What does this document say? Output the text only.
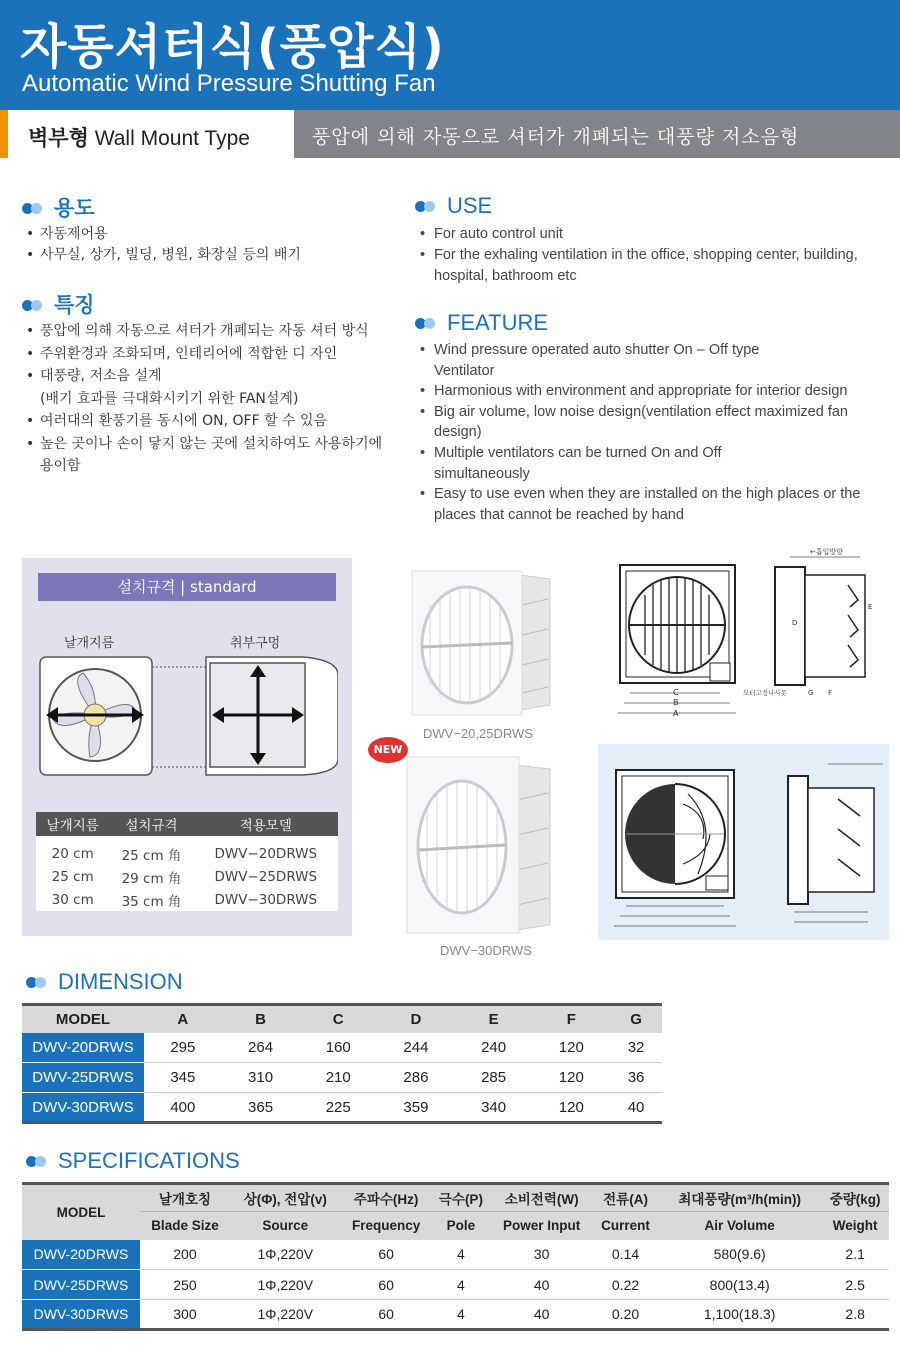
자동셔터식(풍압식)
Automatic Wind Pressure Shutting Fan
벽부형 Wall Mount Type	풍압에 의해 자동으로 셔터가 개폐되는 대풍량 저소음형
용도
• 자동제어용
• 사무실, 상가, 빌딩, 병원, 화장실 등의 배기
특징
• 풍압에 의해 자동으로 셔터가 개폐되는 자동 셔터 방식
• 주위환경과 조화되며, 인테리어에 적합한 디 자인
• 대풍량, 저소음 설계
(배기 효과를 극대화시키기 위한 FAN설계)
• 여러대의 환풍기를 동시에 ON, OFF 할 수 있음
• 높은 곳이나 손이 닿지 않는 곳에 설치하여도 사용하기에
용이함
USE
• For auto control unit
• For the exhaling ventilation in the office, shopping center, building,
hospital, bathroom etc
FEATURE
• Wind pressure operated auto shutter On – Off type
Ventilator
• Harmonious with environment and appropriate for interior design
• Big air volume, low noise design(ventilation effect maximized fan
design)
• Multiple ventilators can be turned On and Off
simultaneously
• Easy to use even when they are installed on the high places or the
places that cannot be reached by hand
설치규격 | standard
날개지름	취부구멍
날개지름	설치규격	적용모델
20 cm	25 cm 角	DWV−20DRWS
25 cm	29 cm 角	DWV−25DRWS
30 cm	35 cm 角	DWV−30DRWS
DWV−20,25DRWS
NEW
DWV−30DRWS
C
B
A
모터고정나사못
←흡입방향
D
G F
E
DIMENSION
MODEL	A	B	C	D	E	F	G
DWV-20DRWS	295	264	160	244	240	120	32
DWV-25DRWS	345	310	210	286	285	120	36
DWV-30DRWS	400	365	225	359	340	120	40
SPECIFICATIONS
MODEL	날개호칭	상(Φ), 전압(v)	주파수(Hz)	극수(P)	소비전력(W)	전류(A)	최대풍량(m³/h(min))	중량(kg)
	Blade Size	Source	Frequency	Pole	Power Input	Current	Air Volume	Weight
DWV-20DRWS	200	1Φ,220V	60	4	30	0.14	580(9.6)	2.1
DWV-25DRWS	250	1Φ,220V	60	4	40	0.22	800(13.4)	2.5
DWV-30DRWS	300	1Φ,220V	60	4	40	0.20	1,100(18.3)	2.8
